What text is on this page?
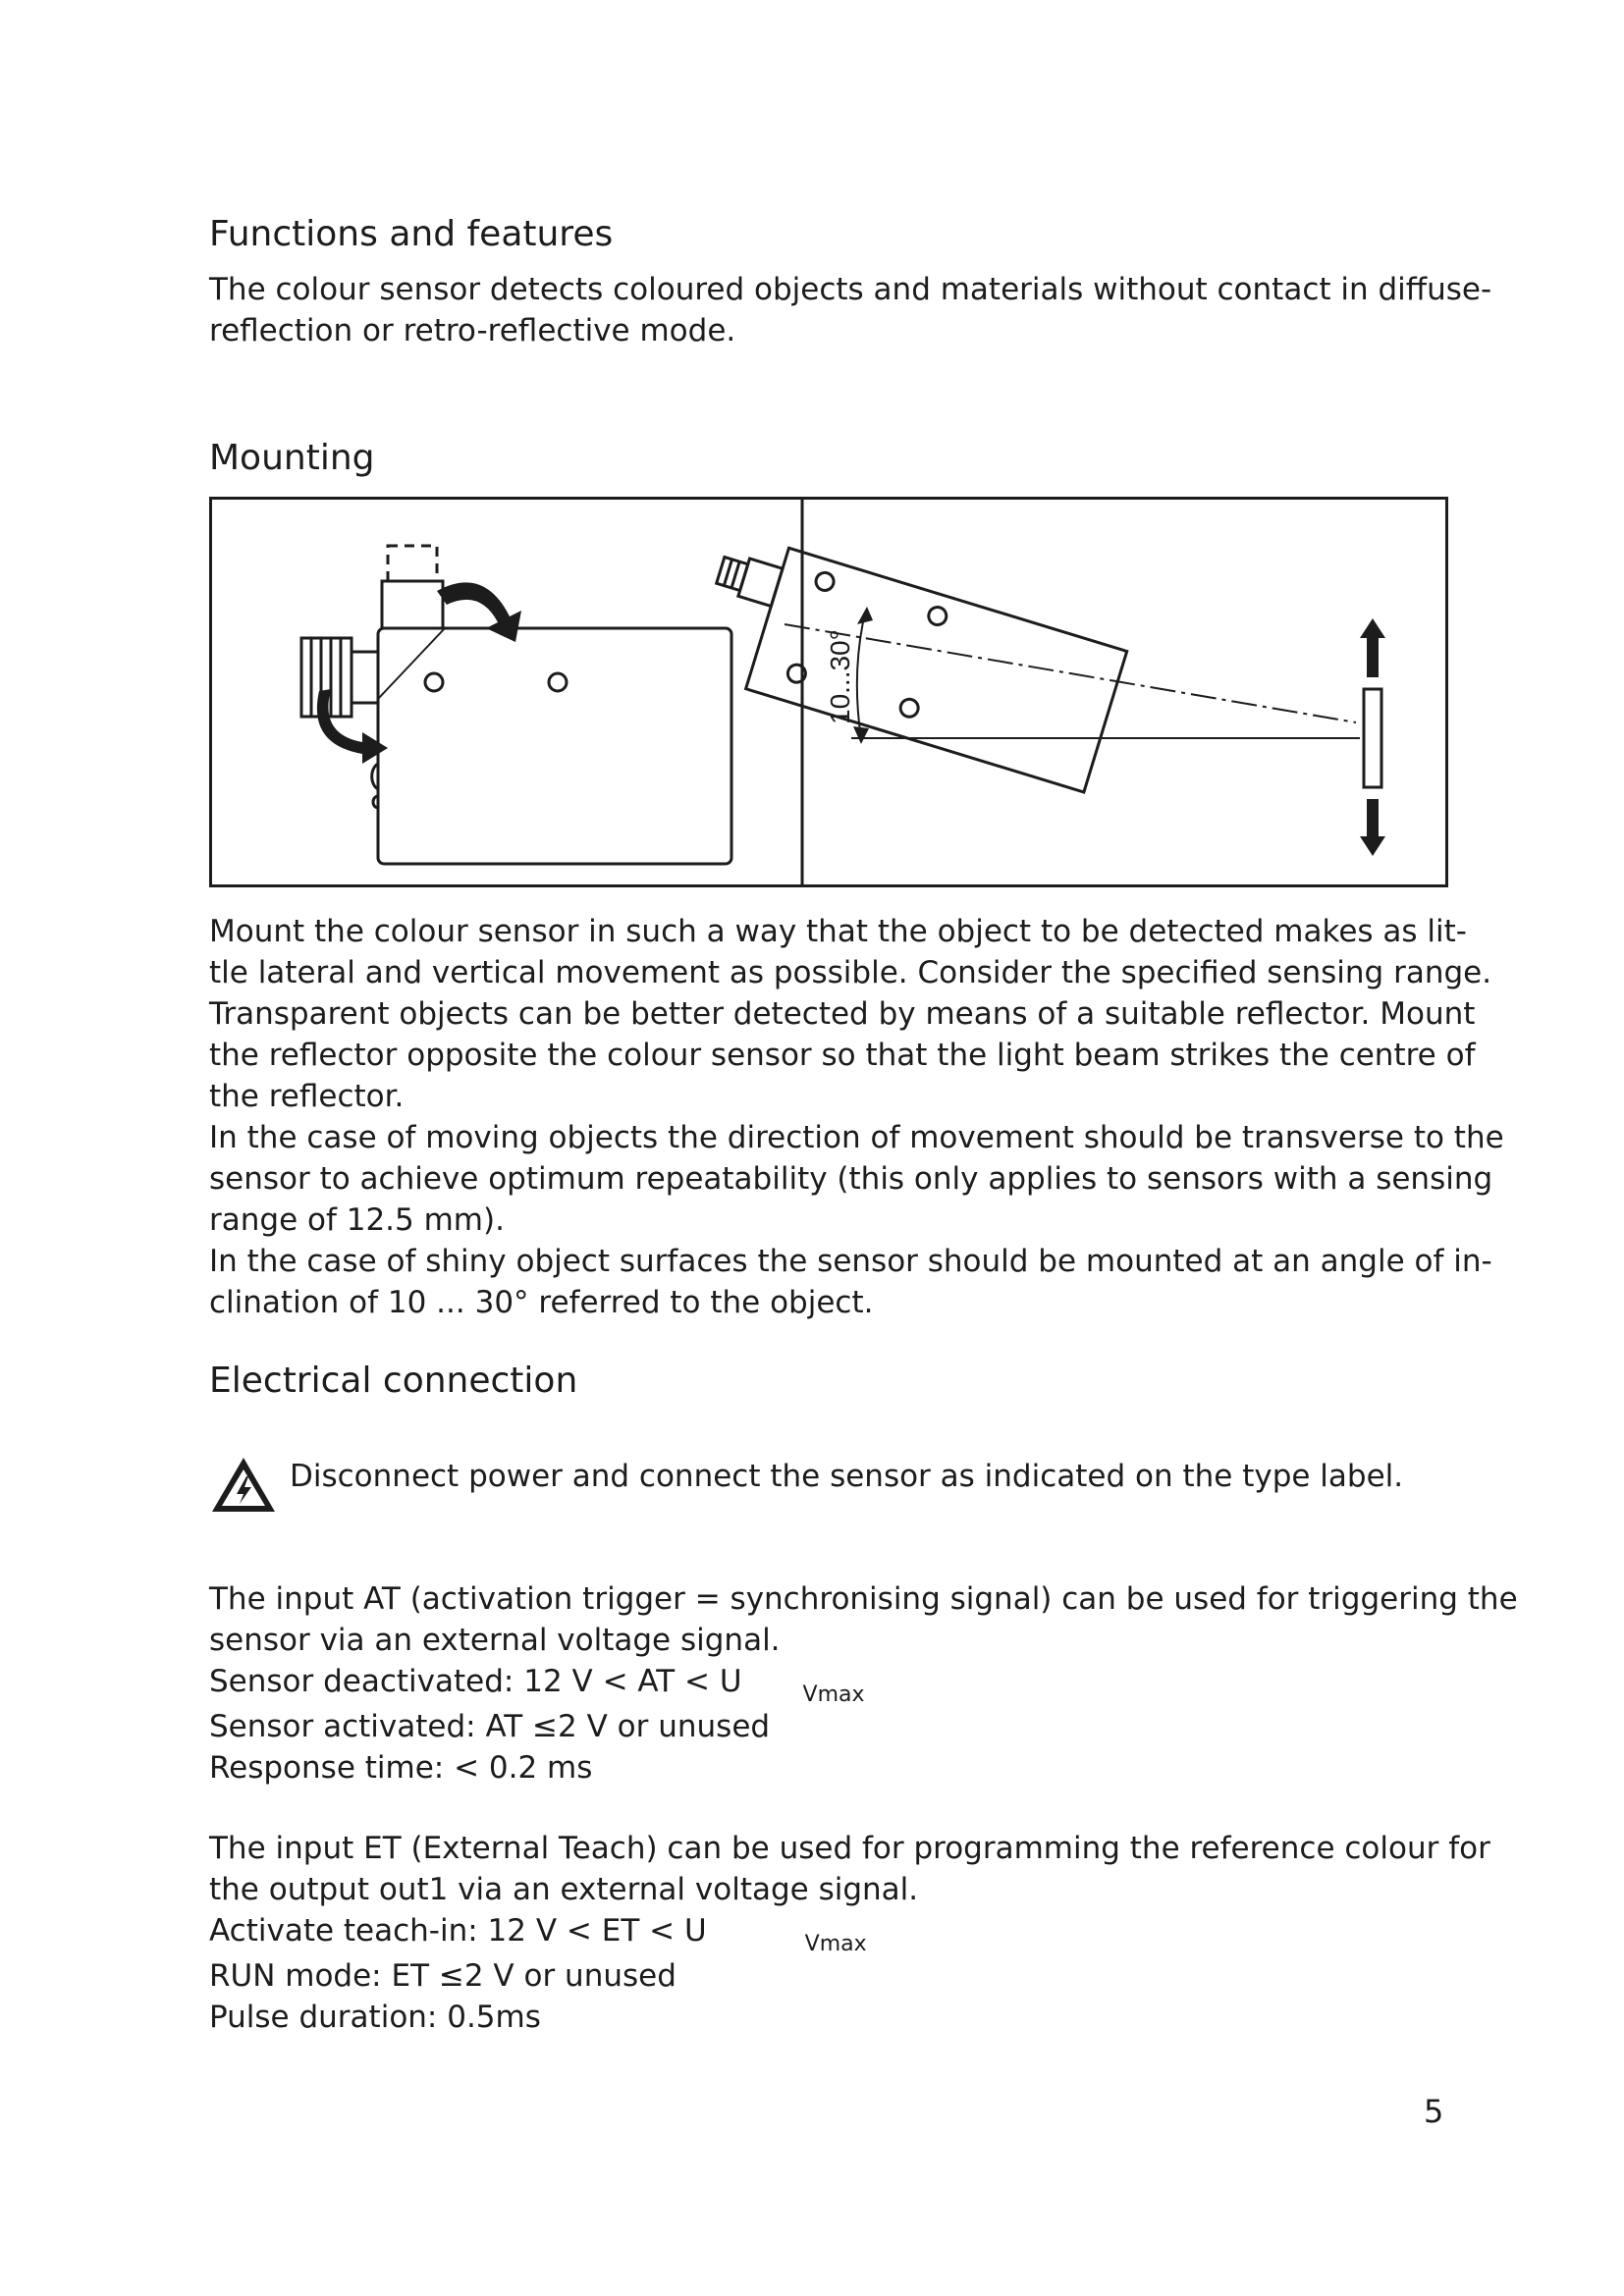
Functions and features

The colour sensor detects coloured objects and materials without contact in diffuse-
reflection or retro-reflective mode.

Mounting
10...30°

Mount the colour sensor in such a way that the object to be detected makes as lit-
tle lateral and vertical movement as possible. Consider the specified sensing range.
Transparent objects can be better detected by means of a suitable reflector. Mount
the reflector opposite the colour sensor so that the light beam strikes the centre of
the reflector.
In the case of moving objects the direction of movement should be transverse to the
sensor to achieve optimum repeatability (this only applies to sensors with a sensing
range of 12.5 mm).
In the case of shiny object surfaces the sensor should be mounted at an angle of in-
clination of 10 ... 30° referred to the object.

Electrical connection
Disconnect power and connect the sensor as indicated on the type label.

The input AT (activation trigger = synchronising signal) can be used for triggering the
sensor via an external voltage signal.
Sensor deactivated: 12 V < AT < U	$_{Vmax}$
Sensor activated: AT ≤2 V or unused
Response time: < 0.2 ms

The input ET (External Teach) can be used for programming the reference colour for
the output out1 via an external voltage signal.
Activate teach-in: 12 V < ET < U	$_{Vmax}$
RUN mode: ET ≤2 V or unused
Pulse duration: 0.5ms

5
